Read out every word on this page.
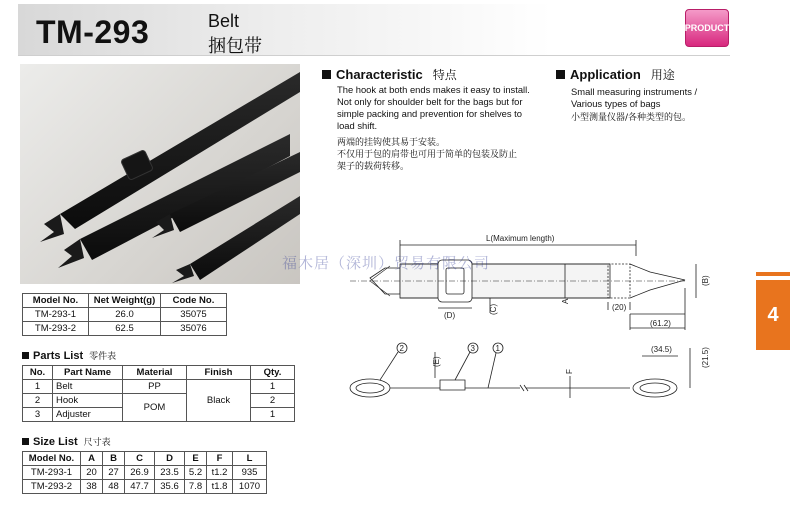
TM-293	Belt
捆包带
PRODUCT
Characteristic 特点
The hook at both ends makes it easy to install.
Not only for shoulder belt for the bags but for
simple packing and prevention for shelves to
load shift.
两端的挂钩使其易于安装。
不仅用于包的肩带也可用于简单的包装及防止
架子的载荷转移。
Application 用途
Small measuring instruments /
Various types of bags
小型测量仪器/各种类型的包。
Model No.	Net Weight(g)	Code No.
TM-293-1	26.0	35075
TM-293-2	62.5	35076
Parts List 零件表
No.	Part Name	Material	Finish	Qty.
1	Belt	PP	Black	1
2	Hook	POM		2
3	Adjuster			1
Size List 尺寸表
Model No.	A	B	C	D	E	F	L
TM-293-1	20	27	26.9	23.5	5.2	t1.2	935
TM-293-2	38	48	47.7	35.6	7.8	t1.8	1070
L(Maximum length)
(D)
(C)
A
(B)
(20)
(61.2)
(34.5)	(21.5)
(E)
F
2	3	1
福木居（深圳）贸易有限公司
4
